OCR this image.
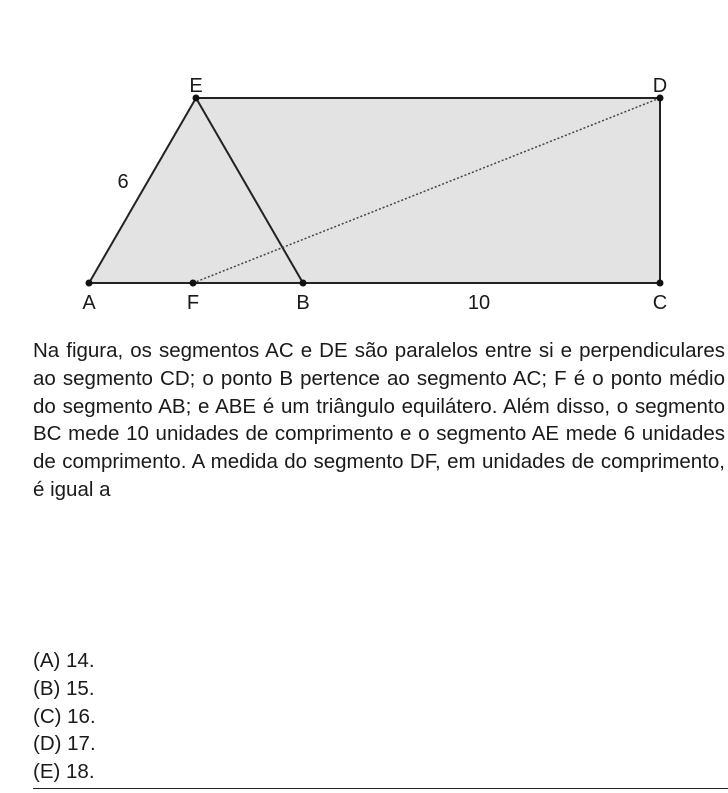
E	D
A	F	B	C
6
10

Na figura, os segmentos AC e DE são paralelos entre si e perpendiculares ao segmento CD; o ponto B pertence ao segmento AC; F é o ponto médio do segmento AB; e ABE é um triângulo equilátero. Além disso, o segmento BC mede 10 unidades de comprimento e o segmento AE mede 6 unidades de comprimento. A medida do segmento DF, em unidades de comprimento, é igual a

(A) 14.
(B) 15.
(C) 16.
(D) 17.
(E) 18.
